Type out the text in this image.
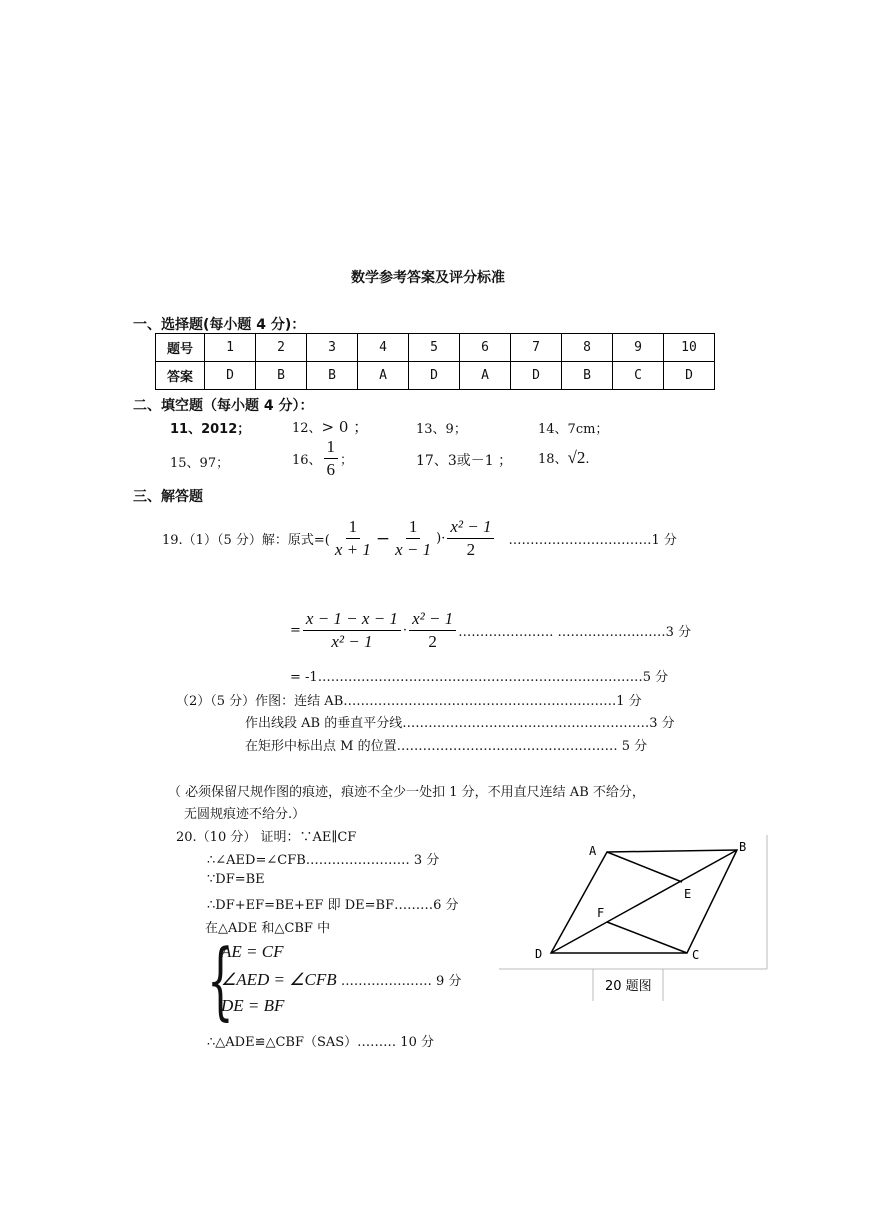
数学参考答案及评分标准
一、选择题(每小题 4 分)：
题号	1	2	3	4	5	6	7	8	9	10
答案	D	B	B	A	D	A	D	B	C	D
二、填空题（每小题 4 分）：
11、2012；	12、> 0 ；	13、9；	14、7cm；
15、97；	16、 $\frac{1}{6}$ ；	17、3或－1 ； 18、√2.
三、解答题
19.（1）（5 分）解：原式=( $\frac{1}{x + 1} - \frac{1}{x - 1}$ )· $\frac{\text{x² − 1}}{2}$ ……………………………1 分
= $\frac{x - 1 - x - 1}{\text{x² − 1}} \cdot \frac{\text{x² − 1}}{2}$ …………………. ……………….……3 分
= -1…………………………………………………………………5 分
（2）（5 分）作图：连结 AB………………………………………………………1 分
作出线段 AB 的垂直平分线…………………………………………………3 分
在矩形中标出点 M 的位置…………………………………………… 5 分
（ 必须保留尺规作图的痕迹，痕迹不全少一处扣 1 分，不用直尺连结 AB 不给分，
无圆规痕迹不给分.）
20.（10 分） 证明：∵AE∥CF
∴∠AED=∠CFB…………………… 3 分
∵DF=BE
∴DF+EF=BE+EF 即 DE=BF………6 分
在△ADE 和△CBF 中
{
AE = CF
∠AED = ∠CFB ………………… 9 分
DE = BF
∴△ADE≌△CBF（SAS）……… 10 分
A	B
C
D
E
F
20 题图
